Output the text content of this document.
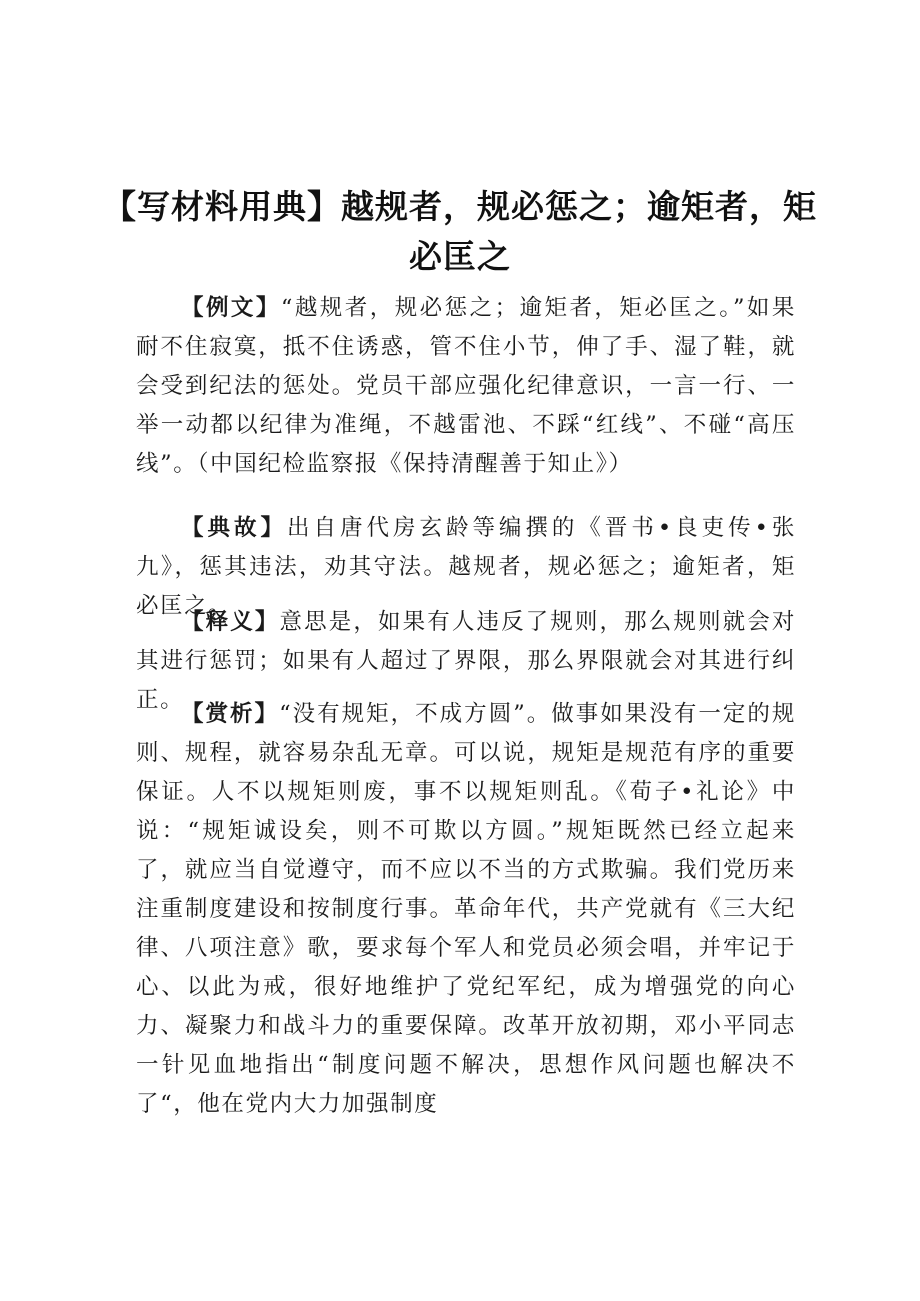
【写材料用典】越规者，规必惩之；逾矩者，矩必匡之

【例文】“越规者，规必惩之；逾矩者，矩必匡之。”如果耐不住寂寞，抵不住诱惑，管不住小节，伸了手、湿了鞋，就会受到纪法的惩处。党员干部应强化纪律意识，一言一行、一举一动都以纪律为准绳，不越雷池、不踩“红线”、不碰“高压线”。（中国纪检监察报《保持清醒善于知止》）

【典故】出自唐代房玄龄等编撰的《晋书•良吏传•张九》，惩其违法，劝其守法。越规者，规必惩之；逾矩者，矩必匡之。

【释义】意思是，如果有人违反了规则，那么规则就会对其进行惩罚；如果有人超过了界限，那么界限就会对其进行纠正。

【赏析】“没有规矩，不成方圆”。做事如果没有一定的规则、规程，就容易杂乱无章。可以说，规矩是规范有序的重要保证。人不以规矩则废，事不以规矩则乱。《荀子•礼论》中说：“规矩诚设矣，则不可欺以方圆。”规矩既然已经立起来了，就应当自觉遵守，而不应以不当的方式欺骗。我们党历来注重制度建设和按制度行事。革命年代，共产党就有《三大纪律、八项注意》歌，要求每个军人和党员必须会唱，并牢记于心、以此为戒，很好地维护了党纪军纪，成为增强党的向心力、凝聚力和战斗力的重要保障。改革开放初期，邓小平同志一针见血地指出“制度问题不解决，思想作风问题也解决不了“，他在党内大力加强制度
